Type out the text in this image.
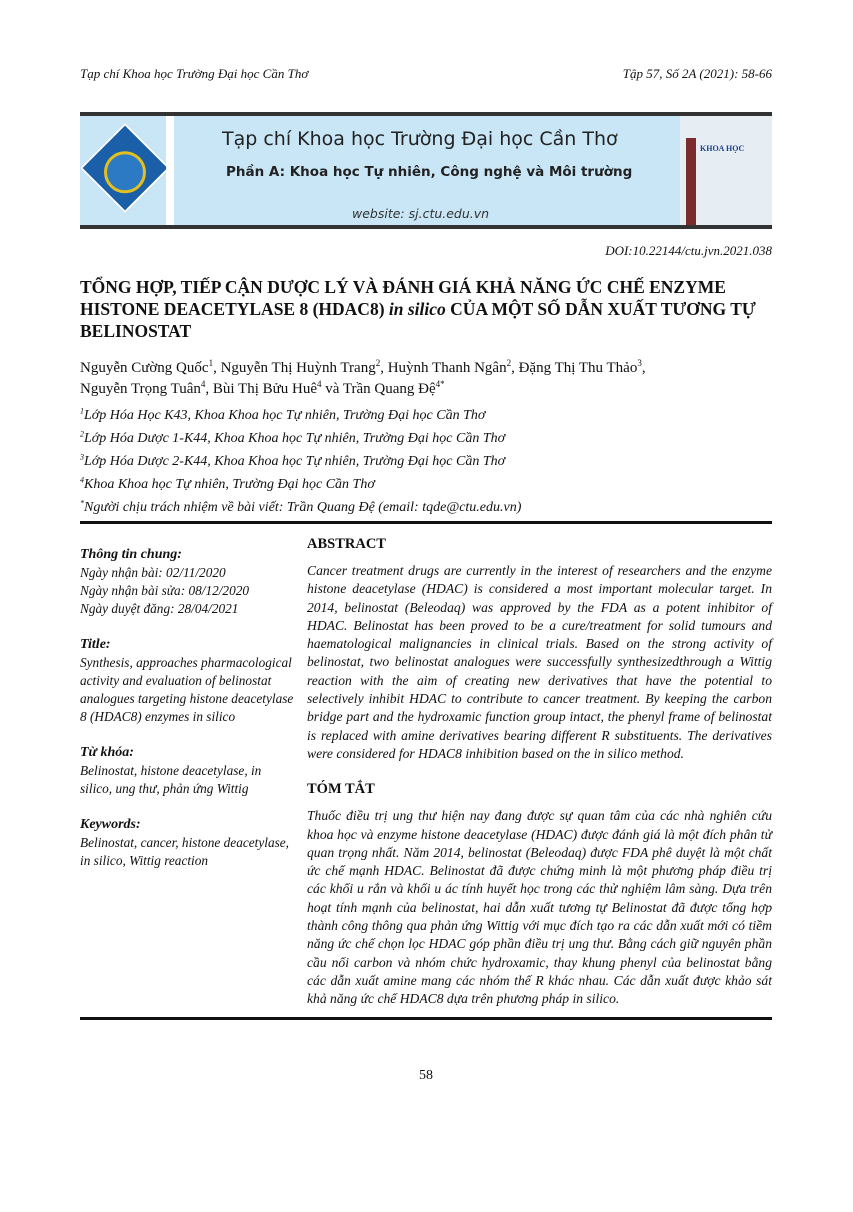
Tạp chí Khoa học Trường Đại học Cần Thơ	Tập 57, Số 2A (2021): 58-66
Tạp chí Khoa học Trường Đại học Cần Thơ
Phần A: Khoa học Tự nhiên, Công nghệ và Môi trường
website: sj.ctu.edu.vn
KHOA HỌC
DOI:10.22144/ctu.jvn.2021.038
TỔNG HỢP, TIẾP CẬN DƯỢC LÝ VÀ ĐÁNH GIÁ KHẢ NĂNG ỨC CHẾ ENZYME HISTONE DEACETYLASE 8 (HDAC8) in silico CỦA MỘT SỐ DẪN XUẤT TƯƠNG TỰ BELINOSTAT
Nguyễn Cường Quốc$^1$, Nguyễn Thị Huỳnh Trang$^2$, Huỳnh Thanh Ngân$^2$, Đặng Thị Thu Thảo$^3$,
Nguyễn Trọng Tuân$^4$, Bùi Thị Bửu Huê$^4$ và Trần Quang Đệ$^{4*}$
$^1$Lớp Hóa Học K43, Khoa Khoa học Tự nhiên, Trường Đại học Cần Thơ
$^2$Lớp Hóa Dược 1-K44, Khoa Khoa học Tự nhiên, Trường Đại học Cần Thơ
$^3$Lớp Hóa Dược 2-K44, Khoa Khoa học Tự nhiên, Trường Đại học Cần Thơ
$^4$Khoa Khoa học Tự nhiên, Trường Đại học Cần Thơ
*Người chịu trách nhiệm về bài viết: Trần Quang Đệ (email: tqde@ctu.edu.vn)
Thông tin chung:
Ngày nhận bài: 02/11/2020
Ngày nhận bài sửa: 08/12/2020
Ngày duyệt đăng: 28/04/2021
Title:
Synthesis, approaches pharmacological activity and evaluation of belinostat analogues targeting histone deacetylase 8 (HDAC8) enzymes in silico
Từ khóa:
Belinostat, histone deacetylase, in silico, ung thư, phản ứng Wittig
Keywords:
Belinostat, cancer, histone deacetylase, in silico, Wittig reaction
ABSTRACT
Cancer treatment drugs are currently in the interest of researchers and the enzyme histone deacetylase (HDAC) is considered a most important molecular target. In 2014, belinostat (Beleodaq) was approved by the FDA as a potent inhibitor of HDAC. Belinostat has been proved to be a cure/treatment for solid tumours and haematological malignancies in clinical trials. Based on the strong activity of belinostat, two belinostat analogues were successfully synthesizedthrough a Wittig reaction with the aim of creating new derivatives that have the potential to selectively inhibit HDAC to contribute to cancer treatment. By keeping the carbon bridge part and the hydroxamic function group intact, the phenyl frame of belinostat is replaced with amine derivatives bearing different R substituents. The derivatives were considered for HDAC8 inhibition based on the in silico method.
TÓM TẮT
Thuốc điều trị ung thư hiện nay đang được sự quan tâm của các nhà nghiên cứu khoa học và enzyme histone deacetylase (HDAC) được đánh giá là một đích phân tử quan trọng nhất. Năm 2014, belinostat (Beleodaq) được FDA phê duyệt là một chất ức chế mạnh HDAC. Belinostat đã được chứng minh là một phương pháp điều trị các khối u rắn và khối u ác tính huyết học trong các thử nghiệm lâm sàng. Dựa trên hoạt tính mạnh của belinostat, hai dẫn xuất tương tự Belinostat đã được tổng hợp thành công thông qua phản ứng Wittig với mục đích tạo ra các dẫn xuất mới có tiềm năng ức chế chọn lọc HDAC góp phần điều trị ung thư. Bằng cách giữ nguyên phần cầu nối carbon và nhóm chức hydroxamic, thay khung phenyl của belinostat bằng các dẫn xuất amine mang các nhóm thế R khác nhau. Các dẫn xuất được khảo sát khả năng ức chế HDAC8 dựa trên phương pháp in silico.
58
